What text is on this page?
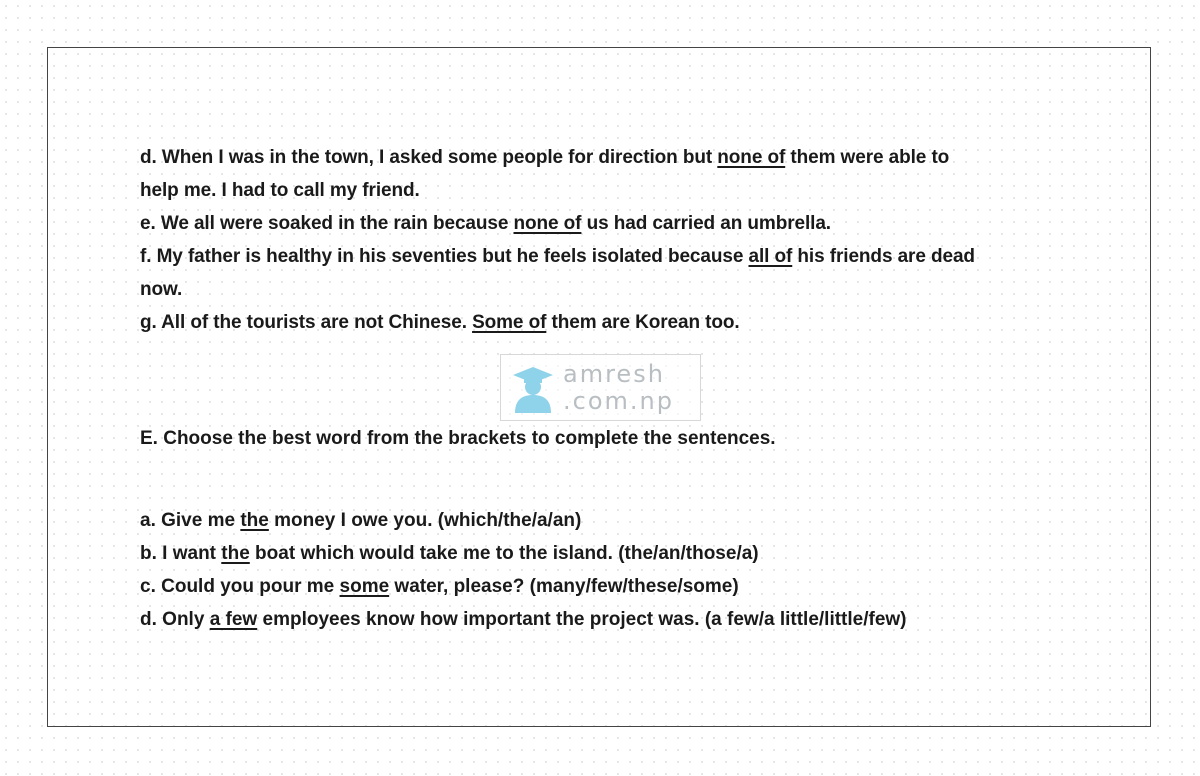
d. When I was in the town, I asked some people for direction but none of them were able to
help me. I had to call my friend.
e. We all were soaked in the rain because none of us had carried an umbrella.
f. My father is healthy in his seventies but he feels isolated because all of his friends are dead
now.
g. All of the tourists are not Chinese. Some of them are Korean too.
amresh
.com.np
E. Choose the best word from the brackets to complete the sentences.
a. Give me the money I owe you. (which/the/a/an)
b. I want the boat which would take me to the island. (the/an/those/a)
c. Could you pour me some water, please? (many/few/these/some)
d. Only a few employees know how important the project was. (a few/a little/little/few)
